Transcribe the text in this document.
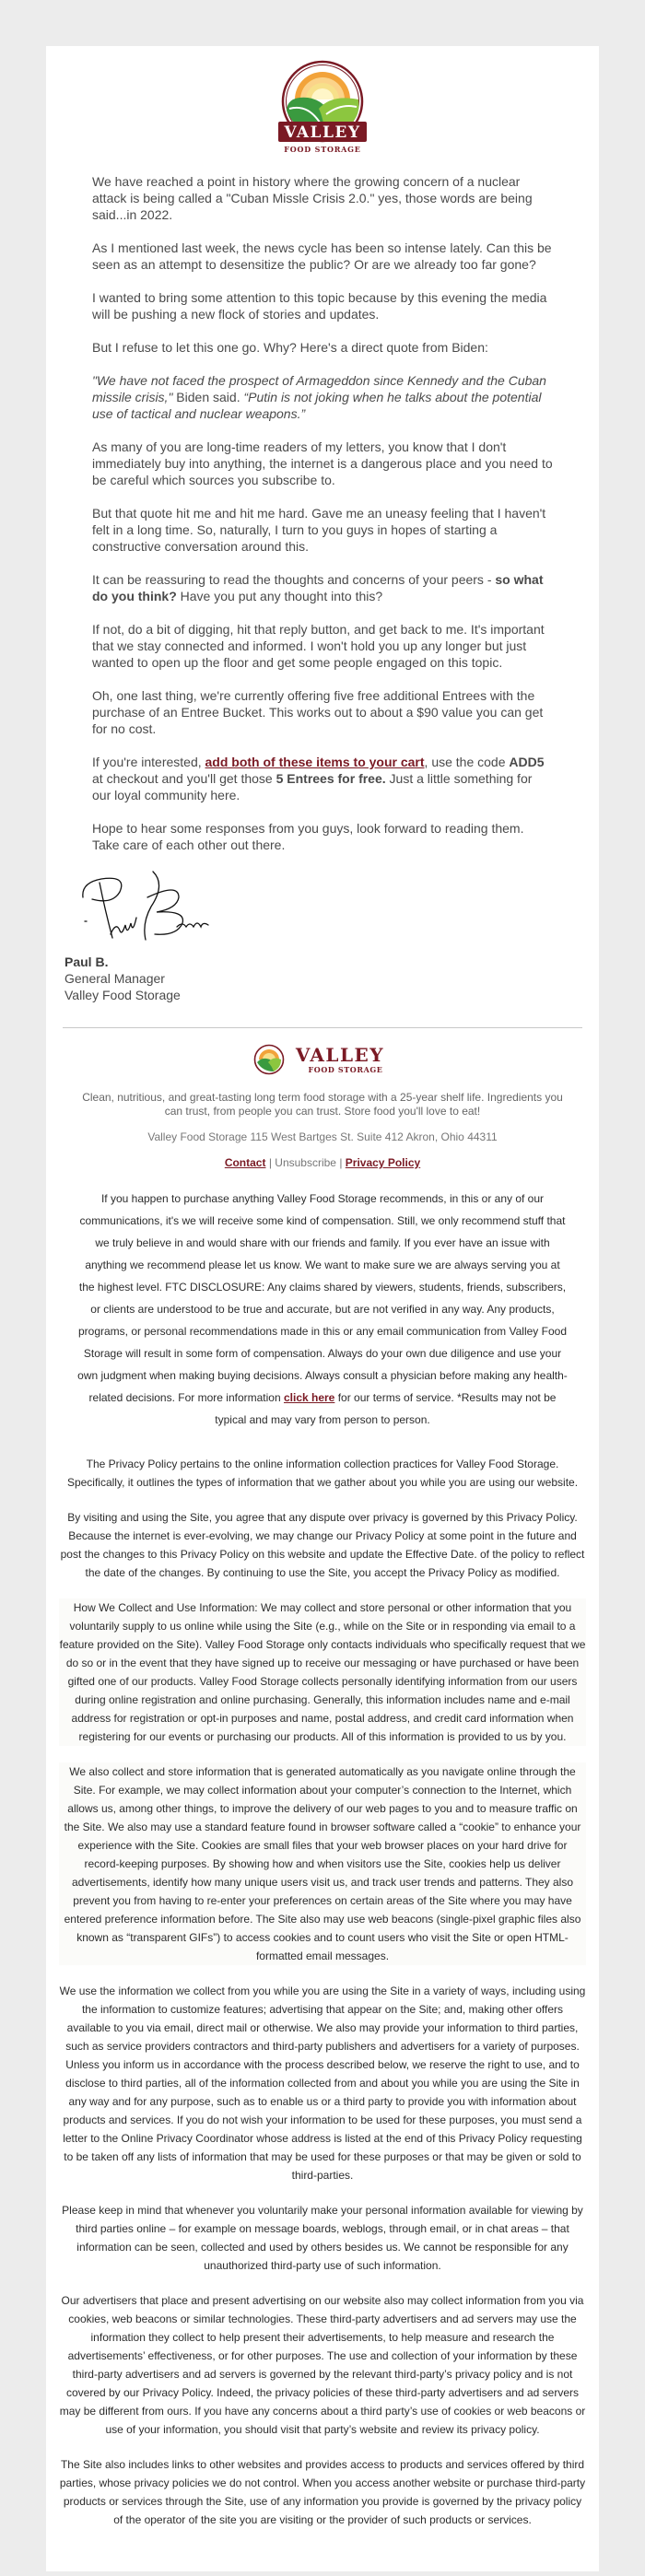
VALLEY
FOOD STORAGE

We have reached a point in history where the growing concern of a nuclear attack is being called a "Cuban Missle Crisis 2.0." yes, those words are being said...in 2022.

As I mentioned last week, the news cycle has been so intense lately. Can this be seen as an attempt to desensitize the public? Or are we already too far gone?

I wanted to bring some attention to this topic because by this evening the media will be pushing a new flock of stories and updates.

But I refuse to let this one go. Why? Here's a direct quote from Biden:

"We have not faced the prospect of Armageddon since Kennedy and the Cuban missile crisis," Biden said. “Putin is not joking when he talks about the potential use of tactical and nuclear weapons.”

As many of you are long-time readers of my letters, you know that I don't immediately buy into anything, the internet is a dangerous place and you need to be careful which sources you subscribe to.

But that quote hit me and hit me hard. Gave me an uneasy feeling that I haven't felt in a long time. So, naturally, I turn to you guys in hopes of starting a constructive conversation around this.

It can be reassuring to read the thoughts and concerns of your peers - so what do you think? Have you put any thought into this?

If not, do a bit of digging, hit that reply button, and get back to me. It's important that we stay connected and informed. I won't hold you up any longer but just wanted to open up the floor and get some people engaged on this topic.

Oh, one last thing, we're currently offering five free additional Entrees with the purchase of an Entree Bucket. This works out to about a $90 value you can get for no cost.

If you're interested, add both of these items to your cart, use the code ADD5 at checkout and you'll get those 5 Entrees for free. Just a little something for our loyal community here.

Hope to hear some responses from you guys, look forward to reading them. Take care of each other out there.

Paul B.
General Manager
Valley Food Storage
VALLEY
FOOD STORAGE
Clean, nutritious, and great-tasting long term food storage with a 25-year shelf life. Ingredients you can trust, from people you can trust. Store food you'll love to eat!
Valley Food Storage 115 West Bartges St. Suite 412 Akron, Ohio 44311
Contact | Unsubscribe | Privacy Policy
If you happen to purchase anything Valley Food Storage recommends, in this or any of our communications, it's we will receive some kind of compensation. Still, we only recommend stuff that we truly believe in and would share with our friends and family. If you ever have an issue with anything we recommend please let us know. We want to make sure we are always serving you at the highest level. FTC DISCLOSURE: Any claims shared by viewers, students, friends, subscribers, or clients are understood to be true and accurate, but are not verified in any way. Any products, programs, or personal recommendations made in this or any email communication from Valley Food Storage will result in some form of compensation. Always do your own due diligence and use your own judgment when making buying decisions. Always consult a physician before making any health-related decisions. For more information click here for our terms of service. *Results may not be typical and may vary from person to person.

The Privacy Policy pertains to the online information collection practices for Valley Food Storage. Specifically, it outlines the types of information that we gather about you while you are using our website.

By visiting and using the Site, you agree that any dispute over privacy is governed by this Privacy Policy. Because the internet is ever-evolving, we may change our Privacy Policy at some point in the future and post the changes to this Privacy Policy on this website and update the Effective Date. of the policy to reflect the date of the changes. By continuing to use the Site, you accept the Privacy Policy as modified.

How We Collect and Use Information: We may collect and store personal or other information that you voluntarily supply to us online while using the Site (e.g., while on the Site or in responding via email to a feature provided on the Site). Valley Food Storage only contacts individuals who specifically request that we do so or in the event that they have signed up to receive our messaging or have purchased or have been gifted one of our products. Valley Food Storage collects personally identifying information from our users during online registration and online purchasing. Generally, this information includes name and e-mail address for registration or opt-in purposes and name, postal address, and credit card information when registering for our events or purchasing our products. All of this information is provided to us by you.

We also collect and store information that is generated automatically as you navigate online through the Site. For example, we may collect information about your computer’s connection to the Internet, which allows us, among other things, to improve the delivery of our web pages to you and to measure traffic on the Site. We also may use a standard feature found in browser software called a “cookie” to enhance your experience with the Site. Cookies are small files that your web browser places on your hard drive for record-keeping purposes. By showing how and when visitors use the Site, cookies help us deliver advertisements, identify how many unique users visit us, and track user trends and patterns. They also prevent you from having to re-enter your preferences on certain areas of the Site where you may have entered preference information before. The Site also may use web beacons (single-pixel graphic files also known as “transparent GIFs”) to access cookies and to count users who visit the Site or open HTML-formatted email messages.

We use the information we collect from you while you are using the Site in a variety of ways, including using the information to customize features; advertising that appear on the Site; and, making other offers available to you via email, direct mail or otherwise. We also may provide your information to third parties, such as service providers contractors and third-party publishers and advertisers for a variety of purposes. Unless you inform us in accordance with the process described below, we reserve the right to use, and to disclose to third parties, all of the information collected from and about you while you are using the Site in any way and for any purpose, such as to enable us or a third party to provide you with information about products and services. If you do not wish your information to be used for these purposes, you must send a letter to the Online Privacy Coordinator whose address is listed at the end of this Privacy Policy requesting to be taken off any lists of information that may be used for these purposes or that may be given or sold to third-parties.

Please keep in mind that whenever you voluntarily make your personal information available for viewing by third parties online – for example on message boards, weblogs, through email, or in chat areas – that information can be seen, collected and used by others besides us. We cannot be responsible for any unauthorized third-party use of such information.

Our advertisers that place and present advertising on our website also may collect information from you via cookies, web beacons or similar technologies. These third-party advertisers and ad servers may use the information they collect to help present their advertisements, to help measure and research the advertisements’ effectiveness, or for other purposes. The use and collection of your information by these third-party advertisers and ad servers is governed by the relevant third-party’s privacy policy and is not covered by our Privacy Policy. Indeed, the privacy policies of these third-party advertisers and ad servers may be different from ours. If you have any concerns about a third party’s use of cookies or web beacons or use of your information, you should visit that party’s website and review its privacy policy.

The Site also includes links to other websites and provides access to products and services offered by third parties, whose privacy policies we do not control. When you access another website or purchase third-party products or services through the Site, use of any information you provide is governed by the privacy policy of the operator of the site you are visiting or the provider of such products or services.
